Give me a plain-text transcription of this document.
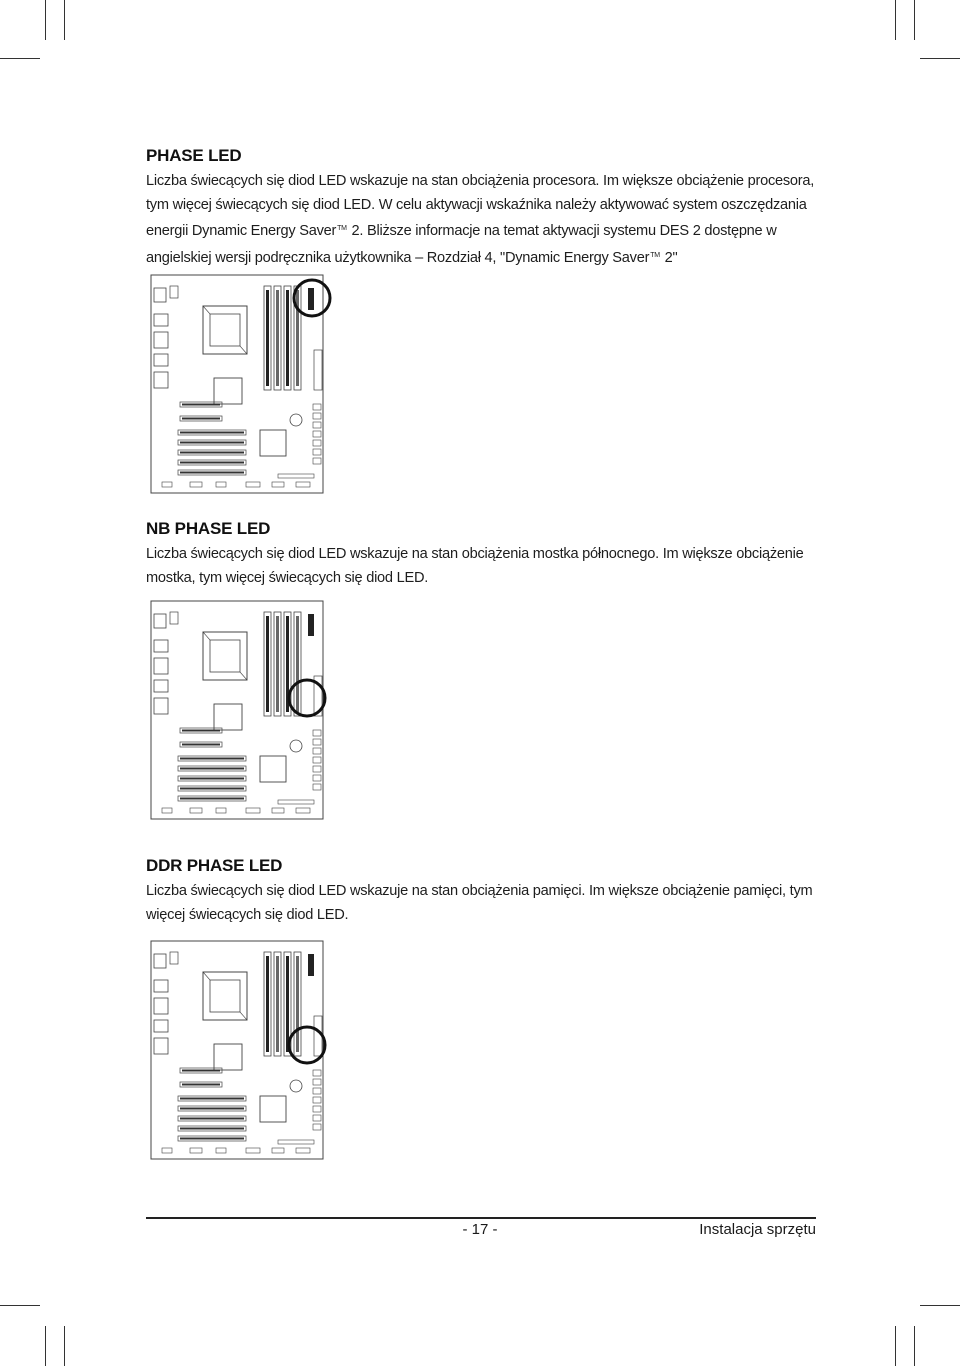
PHASE LED

Liczba świecących się diod LED wskazuje na stan obciążenia procesora. Im większe obciążenie procesora, tym więcej świecących się diod LED. W celu aktywacji wskaźnika należy aktywować system oszczędzania energii Dynamic Energy Saver™ 2. Bliższe informacje na temat aktywacji systemu DES 2 dostępne w angielskiej wersji podręcznika użytkownika – Rozdział 4, "Dynamic Energy Saver™ 2"

NB PHASE LED

Liczba świecących się diod LED wskazuje na stan obciążenia mostka północnego. Im większe obciążenie mostka, tym więcej świecących się diod LED.

DDR PHASE LED

Liczba świecących się diod LED wskazuje na stan obciążenia pamięci. Im większe obciążenie pamięci, tym więcej świecących się diod LED.

- 17 -	Instalacja sprzętu
